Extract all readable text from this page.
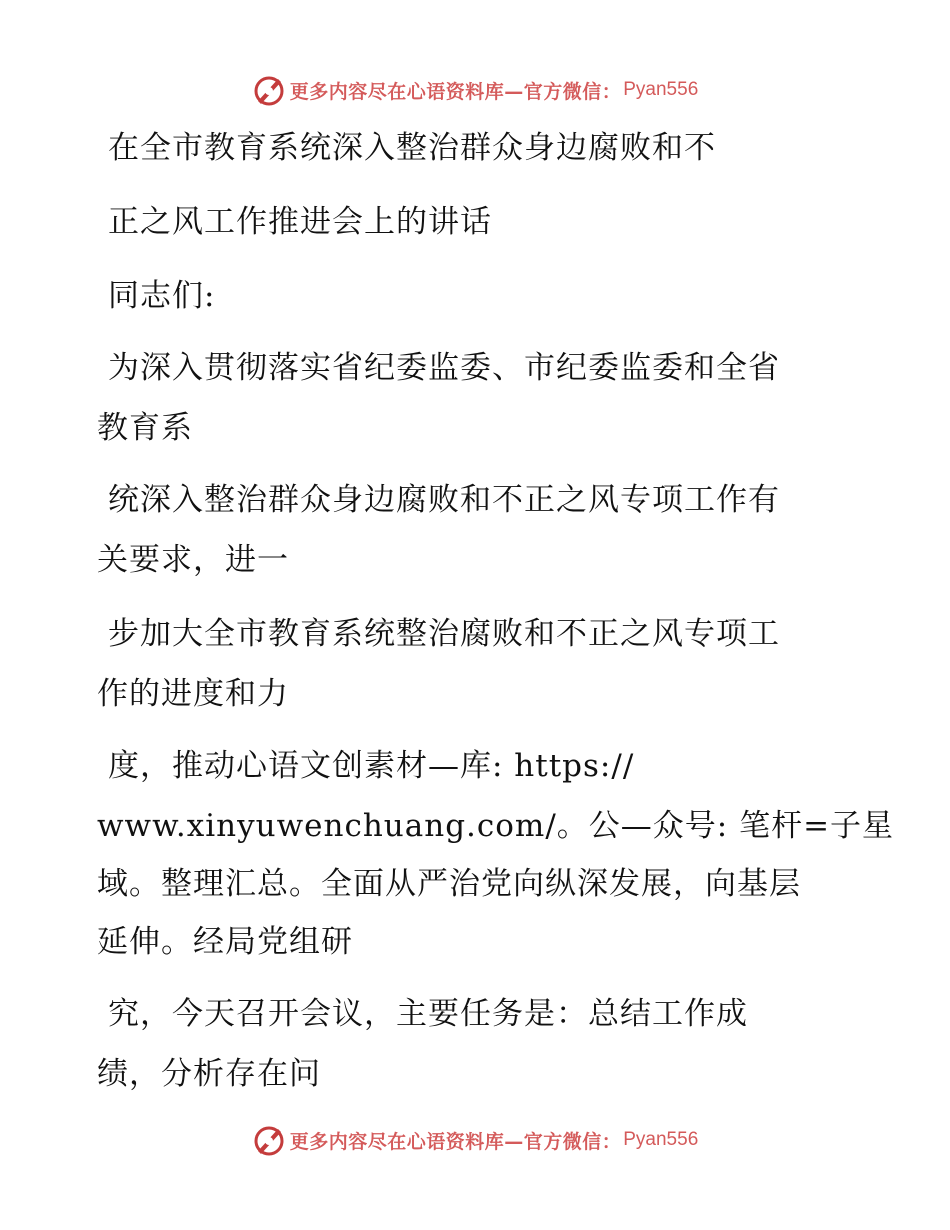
更多内容尽在心语资料库—官方微信： Pyan556
在全市教育系统深入整治群众身边腐败和不
正之风工作推进会上的讲话
同志们:
为深入贯彻落实省纪委监委、市纪委监委和全省
教育系
统深入整治群众身边腐败和不正之风专项工作有
关要求，进一
步加大全市教育系统整治腐败和不正之风专项工
作的进度和力
度，推动心语文创素材—库: https://
www.xinyuwenchuang.com/。公—众号: 笔杆=子星
域。整理汇总。全面从严治党向纵深发展，向基层
延伸。经局党组研
究，今天召开会议，主要任务是：总结工作成
绩，分析存在问
更多内容尽在心语资料库—官方微信： Pyan556
